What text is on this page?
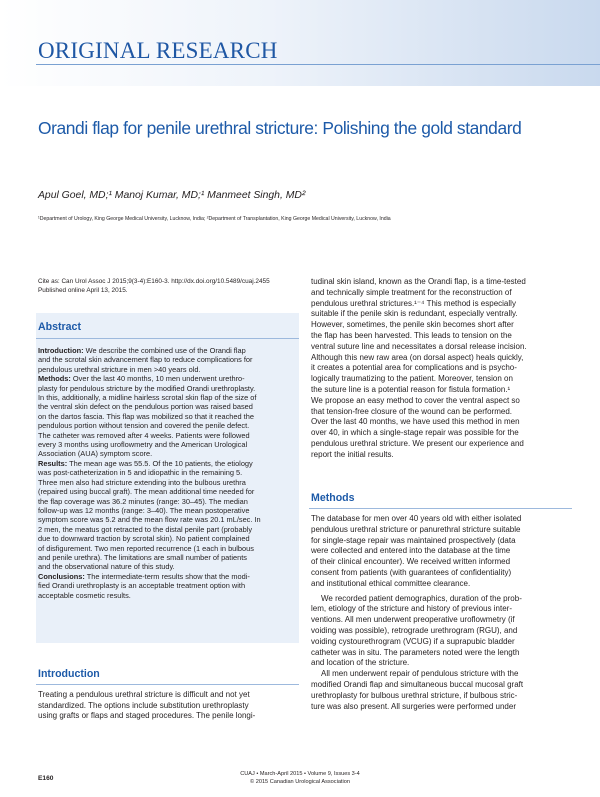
ORIGINAL RESEARCH
Orandi flap for penile urethral stricture: Polishing the gold standard
Apul Goel, MD;¹ Manoj Kumar, MD;¹ Manmeet Singh, MD²
¹Department of Urology, King George Medical University, Lucknow, India; ²Department of Transplantation, King George Medical University, Lucknow, India
Cite as: Can Urol Assoc J 2015;9(3-4):E160-3. http://dx.doi.org/10.5489/cuaj.2455
Published online April 13, 2015.
Abstract

Introduction: We describe the combined use of the Orandi flap

and the scrotal skin advancement flap to reduce complications for

pendulous urethral stricture in men >40 years old.

Methods: Over the last 40 months, 10 men underwent urethro-

plasty for pendulous stricture by the modified Orandi urethroplasty.

In this, additionally, a midline hairless scrotal skin flap of the size of

the ventral skin defect on the pendulous portion was raised based

on the dartos fascia. This flap was mobilized so that it reached the

pendulous portion without tension and covered the penile defect.

The catheter was removed after 4 weeks. Patients were followed

every 3 months using uroflowmetry and the American Urological

Association (AUA) symptom score.

Results: The mean age was 55.5. Of the 10 patients, the etiology

was post-catheterization in 5 and idiopathic in the remaining 5.

Three men also had stricture extending into the bulbous urethra

(repaired using buccal graft). The mean additional time needed for

the flap coverage was 36.2 minutes (range: 30–45). The median

follow-up was 12 months (range: 3–40). The mean postoperative

symptom score was 5.2 and the mean flow rate was 20.1 mL/sec. In

2 men, the meatus got retracted to the distal penile part (probably

due to downward traction by scrotal skin). No patient complained

of disfigurement. Two men reported recurrence (1 each in bulbous

and penile urethra). The limitations are small number of patients

and the observational nature of this study.

Conclusions: The intermediate-term results show that the modi-

fied Orandi urethroplasty is an acceptable treatment option with

acceptable cosmetic results.

Introduction

Treating a pendulous urethral stricture is difficult and not yet

standardized. The options include substitution urethroplasty

using grafts or flaps and staged procedures. The penile longi-

tudinal skin island, known as the Orandi flap, is a time-tested

and technically simple treatment for the reconstruction of

pendulous urethral strictures.¹⁻⁴ This method is especially

suitable if the penile skin is redundant, especially ventrally.

However, sometimes, the penile skin becomes short after

the flap has been harvested. This leads to tension on the

ventral suture line and necessitates a dorsal release incision.

Although this new raw area (on dorsal aspect) heals quickly,

it creates a potential area for complications and is psycho-

logically traumatizing to the patient. Moreover, tension on

the suture line is a potential reason for fistula formation.¹

We propose an easy method to cover the ventral aspect so

that tension-free closure of the wound can be performed.

Over the last 40 months, we have used this method in men

over 40, in which a single-stage repair was possible for the

pendulous urethral stricture. We present our experience and

report the initial results.

Methods

The database for men over 40 years old with either isolated

pendulous urethral stricture or panurethral stricture suitable

for single-stage repair was maintained prospectively (data

were collected and entered into the database at the time

of their clinical encounter). We received written informed

consent from patients (with guarantees of confidentiality)

and institutional ethical committee clearance.

We recorded patient demographics, duration of the prob-

lem, etiology of the stricture and history of previous inter-

ventions. All men underwent preoperative uroflowmetry (if

voiding was possible), retrograde urethrogram (RGU), and

voiding cystourethrogram (VCUG) if a suprapubic bladder

catheter was in situ. The parameters noted were the length

and location of the stricture.

All men underwent repair of pendulous stricture with the

modified Orandi flap and simultaneous buccal mucosal graft

urethroplasty for bulbous urethral stricture, if bulbous stric-

ture was also present. All surgeries were performed under

E160
CUAJ • March-April 2015 • Volume 9, Issues 3-4
© 2015 Canadian Urological Association
